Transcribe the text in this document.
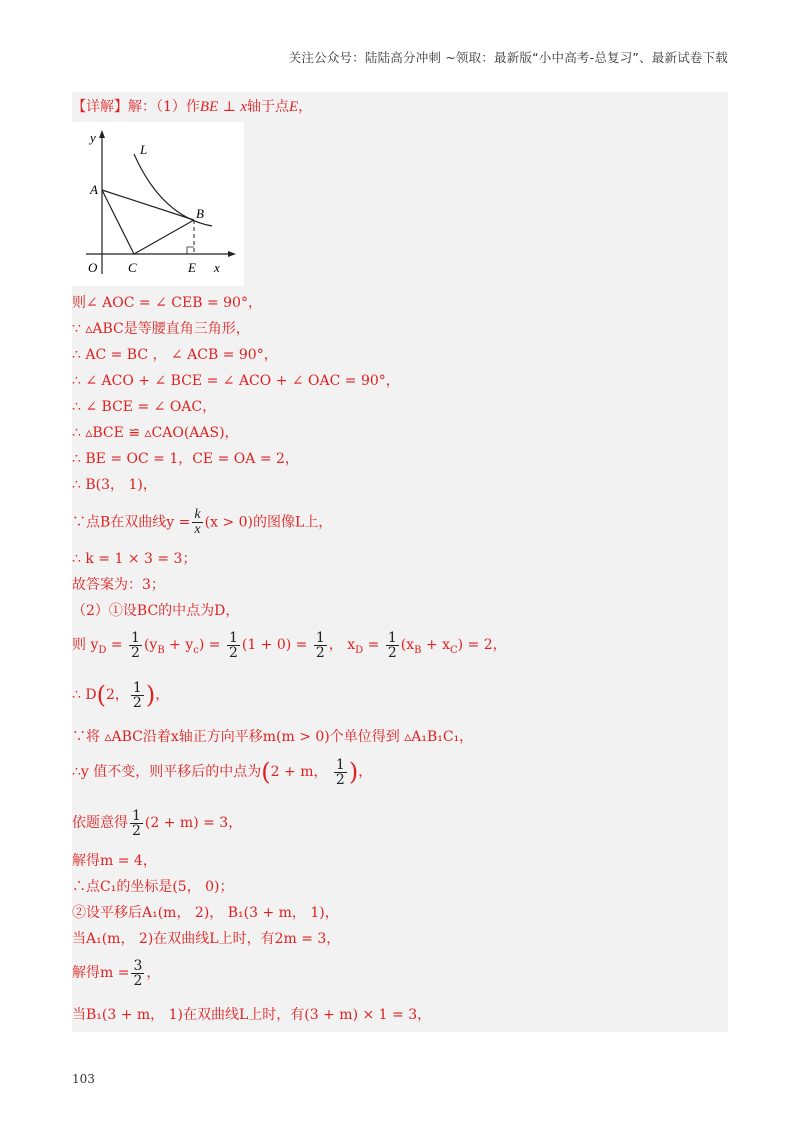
关注公众号：陆陆高分冲刺 ~领取：最新版“小中高考-总复习”、最新试卷下载
【详解】解：（1）作BE ⊥ x轴于点E，
y
L
A
B
O C	E x
则∠ AOC = ∠ CEB = 90°，
∵ ▵ABC是等腰直角三角形，
∴ AC = BC ， ∠ ACB = 90°，
∴ ∠ ACO + ∠ BCE = ∠ ACO + ∠ OAC = 90°，
∴ ∠ BCE = ∠ OAC，
∴ ▵BCE ≌ ▵CAO(AAS)，
∴ BE = OC = 1，CE = OA = 2，
∴ B(3， 1)，
∵点B在双曲线$y = \frac{k}{x} (x > 0)$的图像L上，
∴ k = 1 × 3 = 3；
故答案为：3；
（2）①设BC的中点为D，
则 $y_D = \frac{1}{2} (y_B + y_c) = \frac{1}{2} (1 + 0) = \frac{1}{2}$ ， $x_D = \frac{1}{2} (x_B + x_C) = 2$，
∴ D(2， $\frac{1}{2}$ )，
∵将 ▵ABC沿着x轴正方向平移m(m > 0)个单位得到 ▵A₁B₁C₁，
∴y 值不变，则平移后的中点为(2 + m， $\frac{1}{2}$ )，
依题意得 $\frac{1}{2} (2 + m) = 3$，
解得m = 4，
∴点C₁的坐标是(5， 0)；
②设平移后A₁(m， 2)， B₁(3 + m， 1)，
当A₁(m， 2)在双曲线L上时，有2m = 3，
解得$m = \frac{3}{2}$ ，
当B₁(3 + m， 1)在双曲线L上时，有(3 + m) × 1 = 3，
103
